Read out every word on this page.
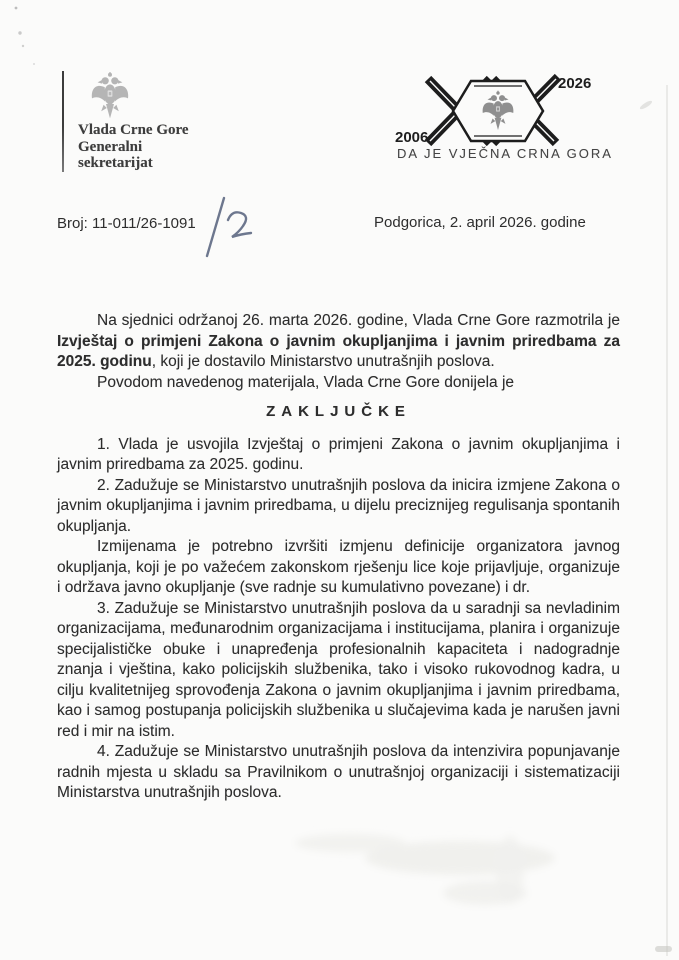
Vlada Crne Gore
Generalni
sekretarijat
2006
2026
DA JE VJEČNA CRNA GORA
Broj: 11-011/26-1091	Podgorica, 2. april 2026. godine

Na sjednici održanoj 26. marta 2026. godine, Vlada Crne Gore razmotrila je Izvještaj o primjeni Zakona o javnim okupljanjima i javnim priredbama za 2025. godinu, koji je dostavilo Ministarstvo unutrašnjih poslova.

Povodom navedenog materijala, Vlada Crne Gore donijela je

ZAKLJUČKE

1. Vlada je usvojila Izvještaj o primjeni Zakona o javnim okupljanjima i javnim priredbama za 2025. godinu.

2. Zadužuje se Ministarstvo unutrašnjih poslova da inicira izmjene Zakona o javnim okupljanjima i javnim priredbama, u dijelu preciznijeg regulisanja spontanih okupljanja.

Izmijenama je potrebno izvršiti izmjenu definicije organizatora javnog okupljanja, koji je po važećem zakonskom rješenju lice koje prijavljuje, organizuje i održava javno okupljanje (sve radnje su kumulativno povezane) i dr.

3. Zadužuje se Ministarstvo unutrašnjih poslova da u saradnji sa nevladinim organizacijama, međunarodnim organizacijama i institucijama, planira i organizuje specijalističke obuke i unapređenja profesionalnih kapaciteta i nadogradnje znanja i vještina, kako policijskih službenika, tako i visoko rukovodnog kadra, u cilju kvalitetnijeg sprovođenja Zakona o javnim okupljanjima i javnim priredbama, kao i samog postupanja policijskih službenika u slučajevima kada je narušen javni red i mir na istim.

4. Zadužuje se Ministarstvo unutrašnjih poslova da intenzivira popunjavanje radnih mjesta u skladu sa Pravilnikom o unutrašnjoj organizaciji i sistematizaciji Ministarstva unutrašnjih poslova.
